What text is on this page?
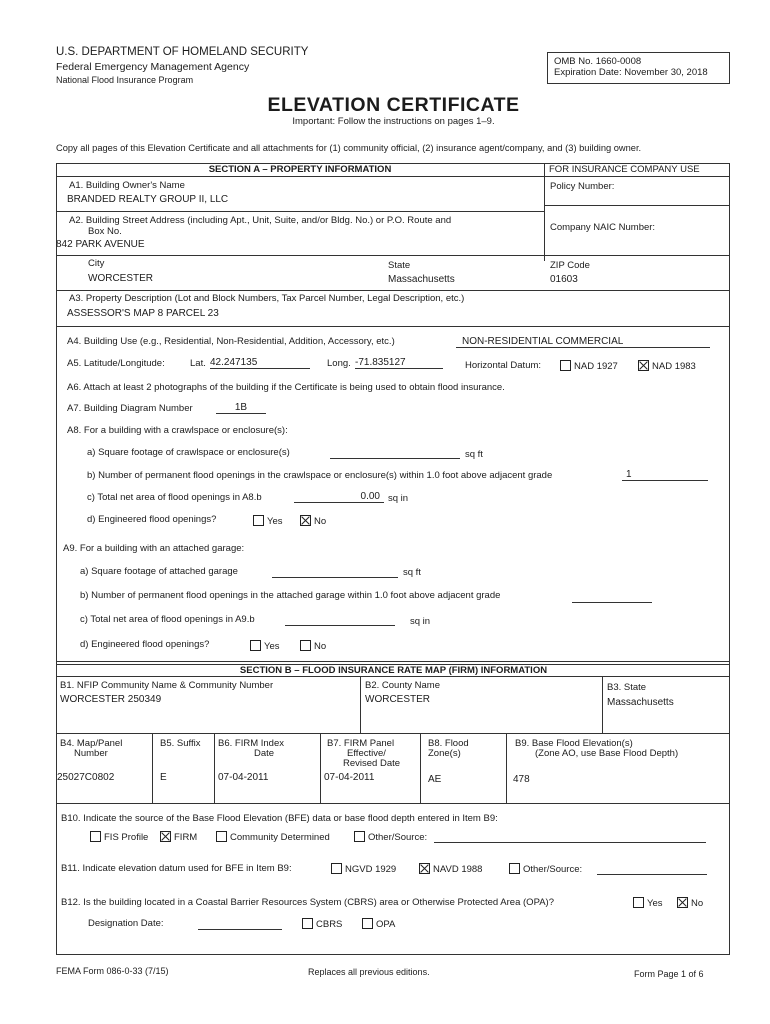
U.S. DEPARTMENT OF HOMELAND SECURITY
Federal Emergency Management Agency
National Flood Insurance Program
OMB No. 1660-0008
Expiration Date: November 30, 2018
ELEVATION CERTIFICATE
Important: Follow the instructions on pages 1–9.
Copy all pages of this Elevation Certificate and all attachments for (1) community official, (2) insurance agent/company, and (3) building owner.
SECTION A – PROPERTY INFORMATION	FOR INSURANCE COMPANY USE
Policy Number:
Company NAIC Number:
A1. Building Owner's Name
BRANDED REALTY GROUP II, LLC
A2. Building Street Address (including Apt., Unit, Suite, and/or Bldg. No.) or P.O. Route and
Box No.
842 PARK AVENUE
City
WORCESTER
State
Massachusetts
ZIP Code
01603
A3. Property Description (Lot and Block Numbers, Tax Parcel Number, Legal Description, etc.)
ASSESSOR'S MAP 8 PARCEL 23
A4. Building Use (e.g., Residential, Non-Residential, Addition, Accessory, etc.)	NON-RESIDENTIAL COMMERCIAL
A5. Latitude/Longitude:	Lat. 42.247135	Long. -71.835127	Horizontal Datum:	NAD 1927	NAD 1983
A6. Attach at least 2 photographs of the building if the Certificate is being used to obtain flood insurance.
A7. Building Diagram Number	1B
A8. For a building with a crawlspace or enclosure(s):
a) Square footage of crawlspace or enclosure(s)	sq ft
b) Number of permanent flood openings in the crawlspace or enclosure(s) within 1.0 foot above adjacent grade	1
c) Total net area of flood openings in A8.b	0.00 sq in
d) Engineered flood openings?	Yes	No
A9. For a building with an attached garage:
a) Square footage of attached garage	sq ft
b) Number of permanent flood openings in the attached garage within 1.0 foot above adjacent grade
c) Total net area of flood openings in A9.b	sq in
d) Engineered flood openings?	Yes	No
SECTION B – FLOOD INSURANCE RATE MAP (FIRM) INFORMATION
B1. NFIP Community Name & Community Number
WORCESTER 250349
B2. County Name
WORCESTER
B3. State
Massachusetts
B4. Map/Panel
Number
25027C0802
B5. Suffix
E
B6. FIRM Index
Date
07-04-2011
B7. FIRM Panel
Effective/
Revised Date
07-04-2011
B8. Flood
Zone(s)
AE
B9. Base Flood Elevation(s)
(Zone AO, use Base Flood Depth)
478
B10. Indicate the source of the Base Flood Elevation (BFE) data or base flood depth entered in Item B9:
FIS Profile	FIRM	Community Determined	Other/Source:
B11. Indicate elevation datum used for BFE in Item B9:	NGVD 1929	NAVD 1988	Other/Source:
B12. Is the building located in a Coastal Barrier Resources System (CBRS) area or Otherwise Protected Area (OPA)?	Yes	No
Designation Date:	CBRS	OPA
FEMA Form 086-0-33 (7/15)	Replaces all previous editions.	Form Page 1 of 6
